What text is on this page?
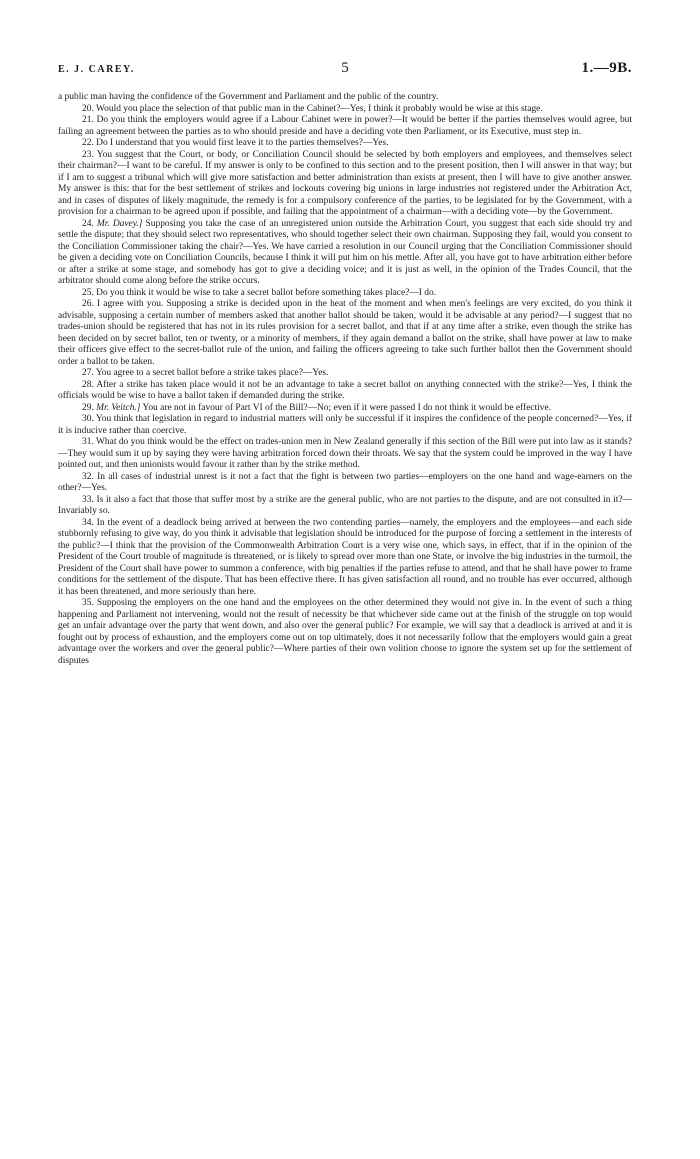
E. J. CAREY.	5	1.—9B.

a public man having the confidence of the Government and Parliament and the public of the country.

20. Would you place the selection of that public man in the Cabinet?—Yes, I think it probably would be wise at this stage.

21. Do you think the employers would agree if a Labour Cabinet were in power?—It would be better if the parties themselves would agree, but failing an agreement between the parties as to who should preside and have a deciding vote then Parliament, or its Executive, must step in.

22. Do I understand that you would first leave it to the parties themselves?—Yes.

23. You suggest that the Court, or body, or Conciliation Council should be selected by both employers and employees, and themselves select their chairman?—I want to be careful. If my answer is only to be confined to this section and to the present position, then I will answer in that way; but if I am to suggest a tribunal which will give more satisfaction and better administration than exists at present, then I will have to give another answer. My answer is this: that for the best settlement of strikes and lockouts covering big unions in large industries not registered under the Arbitration Act, and in cases of disputes of likely magnitude, the remedy is for a compulsory conference of the parties, to be legislated for by the Government, with a provision for a chairman to be agreed upon if possible, and failing that the appointment of a chairman—with a deciding vote—by the Government.

24. Mr. Davey.] Supposing you take the case of an unregistered union outside the Arbitration Court, you suggest that each side should try and settle the dispute; that they should select two representatives, who should together select their own chairman. Supposing they fail, would you consent to the Conciliation Commissioner taking the chair?—Yes. We have carried a resolution in our Council urging that the Conciliation Commissioner should be given a deciding vote on Conciliation Councils, because I think it will put him on his mettle. After all, you have got to have arbitration either before or after a strike at some stage, and somebody has got to give a deciding voice; and it is just as well, in the opinion of the Trades Council, that the arbitrator should come along before the strike occurs.

25. Do you think it would be wise to take a secret ballot before something takes place?—I do.

26. I agree with you. Supposing a strike is decided upon in the heat of the moment and when men's feelings are very excited, do you think it advisable, supposing a certain number of members asked that another ballot should be taken, would it be advisable at any period?—I suggest that no trades-union should be registered that has not in its rules provision for a secret ballot, and that if at any time after a strike, even though the strike has been decided on by secret ballot, ten or twenty, or a minority of members, if they again demand a ballot on the strike, shall have power at law to make their officers give effect to the secret-ballot rule of the union, and failing the officers agreeing to take such further ballot then the Government should order a ballot to be taken.

27. You agree to a secret ballot before a strike takes place?—Yes.

28. After a strike has taken place would it not be an advantage to take a secret ballot on anything connected with the strike?—Yes, I think the officials would be wise to have a ballot taken if demanded during the strike.

29. Mr. Veitch.] You are not in favour of Part VI of the Bill?—No; even if it were passed I do not think it would be effective.

30. You think that legislation in regard to industrial matters will only be successful if it inspires the confidence of the people concerned?—Yes, if it is inducive rather than coercive.

31. What do you think would be the effect on trades-union men in New Zealand generally if this section of the Bill were put into law as it stands?—They would sum it up by saying they were having arbitration forced down their throats. We say that the system could be improved in the way I have pointed out, and then unionists would favour it rather than by the strike method.

32. In all cases of industrial unrest is it not a fact that the fight is between two parties—employers on the one hand and wage-earners on the other?—Yes.

33. Is it also a fact that those that suffer most by a strike are the general public, who are not parties to the dispute, and are not consulted in it?—Invariably so.

34. In the event of a deadlock being arrived at between the two contending parties—namely, the employers and the employees—and each side stubbornly refusing to give way, do you think it advisable that legislation should be introduced for the purpose of forcing a settlement in the interests of the public?—I think that the provision of the Commonwealth Arbitration Court is a very wise one, which says, in effect, that if in the opinion of the President of the Court trouble of magnitude is threatened, or is likely to spread over more than one State, or involve the big industries in the turmoil, the President of the Court shall have power to summon a conference, with big penalties if the parties refuse to attend, and that he shall have power to frame conditions for the settlement of the dispute. That has been effective there. It has given satisfaction all round, and no trouble has ever occurred, although it has been threatened, and more seriously than here.

35. Supposing the employers on the one hand and the employees on the other determined they would not give in. In the event of such a thing happening and Parliament not intervening, would not the result of necessity be that whichever side came out at the finish of the struggle on top would get an unfair advantage over the party that went down, and also over the general public? For example, we will say that a deadlock is arrived at and it is fought out by process of exhaustion, and the employers come out on top ultimately, does it not necessarily follow that the employers would gain a great advantage over the workers and over the general public?—Where parties of their own volition choose to ignore the system set up for the settlement of disputes
